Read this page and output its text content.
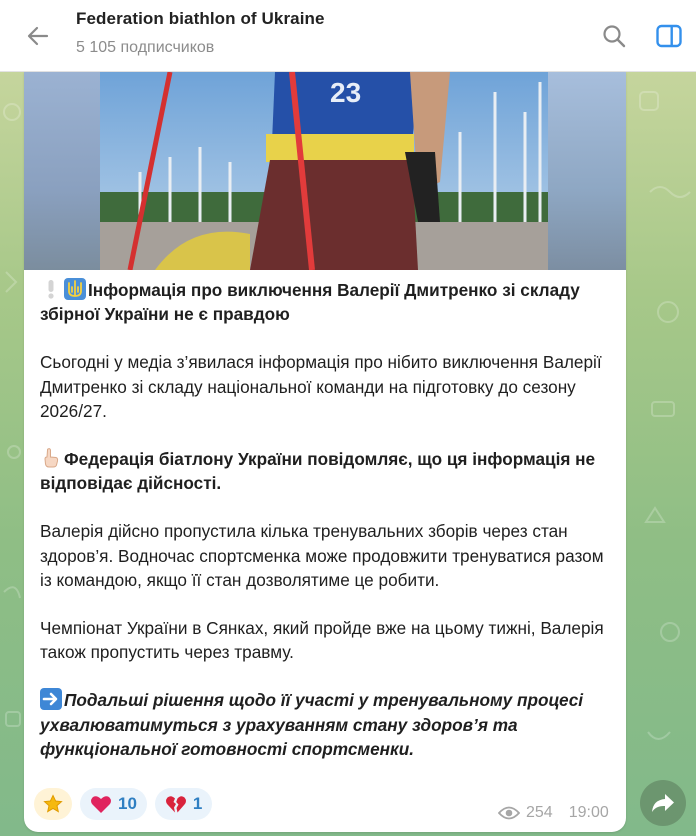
Federation biathlon of Ukraine
5 105 подписчиков
23
Інформація про виключення Валерії Дмитренко зі складу збірної України не є правдою
Сьогодні у медіа з’явилася інформація про нібито виключення Валерії Дмитренко зі складу національної команди на підготовку до сезону 2026/27.
Федерація біатлону України повідомляє, що ця інформація не відповідає дійсності.
Валерія дійсно пропустила кілька тренувальних зборів через стан здоров’я. Водночас спортсменка може продовжити тренуватися разом із командою, якщо її стан дозволятиме це робити.
Чемпіонат України в Сянках, який пройде вже на цьому тижні, Валерія також пропустить через травму.
Подальші рішення щодо її участі у тренувальному процесі ухвалюватимуться з урахуванням стану здоров’я та функціональної готовності спортсменки.
10	1	254 19:00
